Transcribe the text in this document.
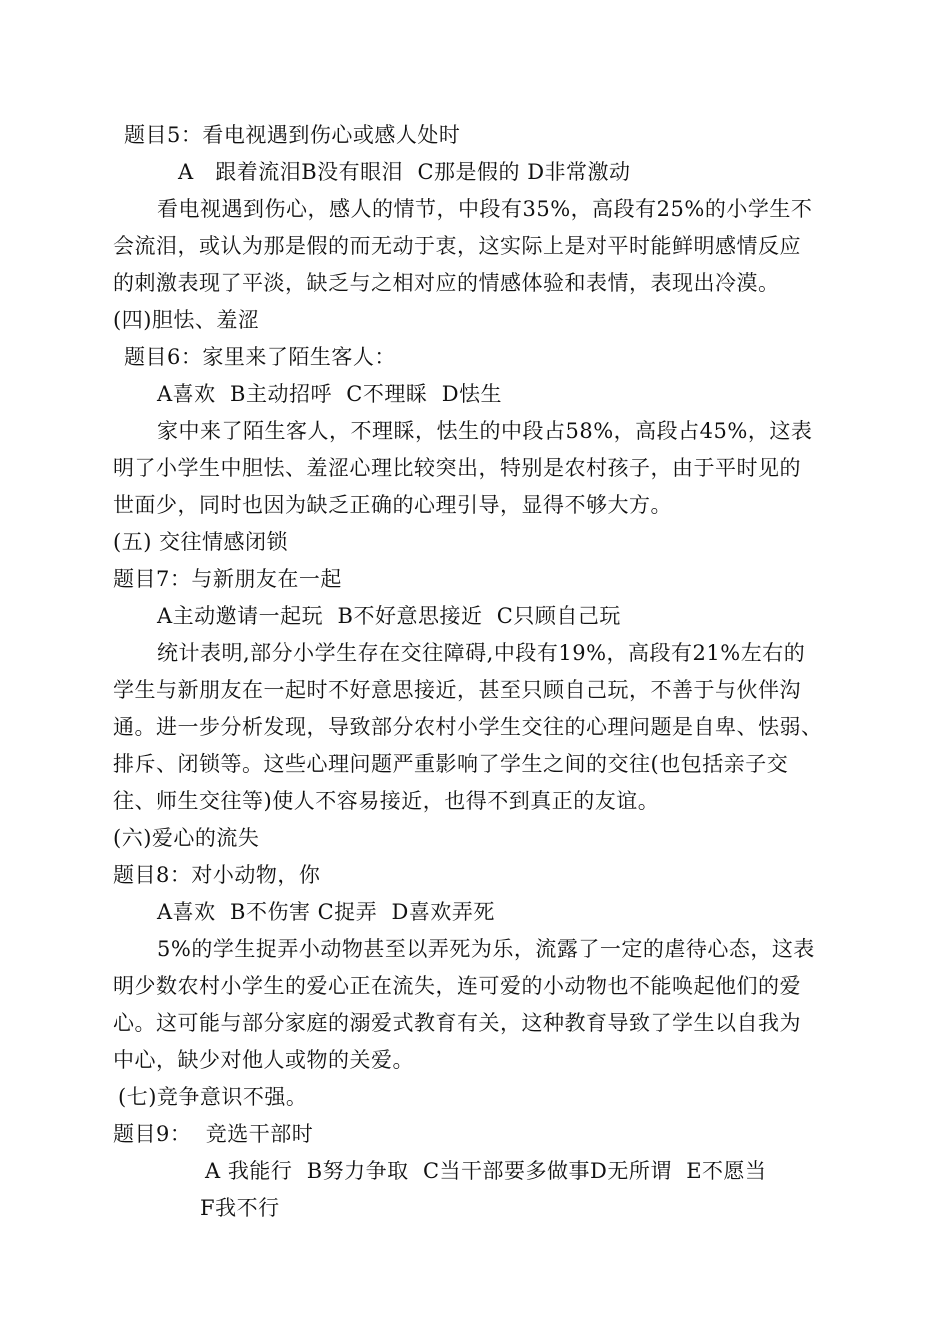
题目5：看电视遇到伤心或感人处时
A   跟着流泪B没有眼泪  C那是假的 D非常激动
看电视遇到伤心，感人的情节，中段有35%，高段有25%的小学生不
会流泪，或认为那是假的而无动于衷，这实际上是对平时能鲜明感情反应
的刺激表现了平淡，缺乏与之相对应的情感体验和表情，表现出冷漠。
(四)胆怯、羞涩
题目6：家里来了陌生客人：
A喜欢  B主动招呼  C不理睬  D怯生
家中来了陌生客人，不理睬，怯生的中段占58%，高段占45%，这表
明了小学生中胆怯、羞涩心理比较突出，特别是农村孩子，由于平时见的
世面少，同时也因为缺乏正确的心理引导，显得不够大方。
(五) 交往情感闭锁
题目7：与新朋友在一起
A主动邀请一起玩  B不好意思接近  C只顾自己玩
统计表明,部分小学生存在交往障碍,中段有19%，高段有21%左右的
学生与新朋友在一起时不好意思接近，甚至只顾自己玩，不善于与伙伴沟
通。进一步分析发现，导致部分农村小学生交往的心理问题是自卑、怯弱、
排斥、闭锁等。这些心理问题严重影响了学生之间的交往(也包括亲子交
往、师生交往等)使人不容易接近，也得不到真正的友谊。
(六)爱心的流失
题目8：对小动物，你
A喜欢  B不伤害 C捉弄  D喜欢弄死
5%的学生捉弄小动物甚至以弄死为乐，流露了一定的虐待心态，这表
明少数农村小学生的爱心正在流失，连可爱的小动物也不能唤起他们的爱
心。这可能与部分家庭的溺爱式教育有关，这种教育导致了学生以自我为
中心，缺少对他人或物的关爱。
(七)竞争意识不强。
题目9：  竞选干部时
A 我能行  B努力争取  C当干部要多做事D无所谓  E不愿当
F我不行
